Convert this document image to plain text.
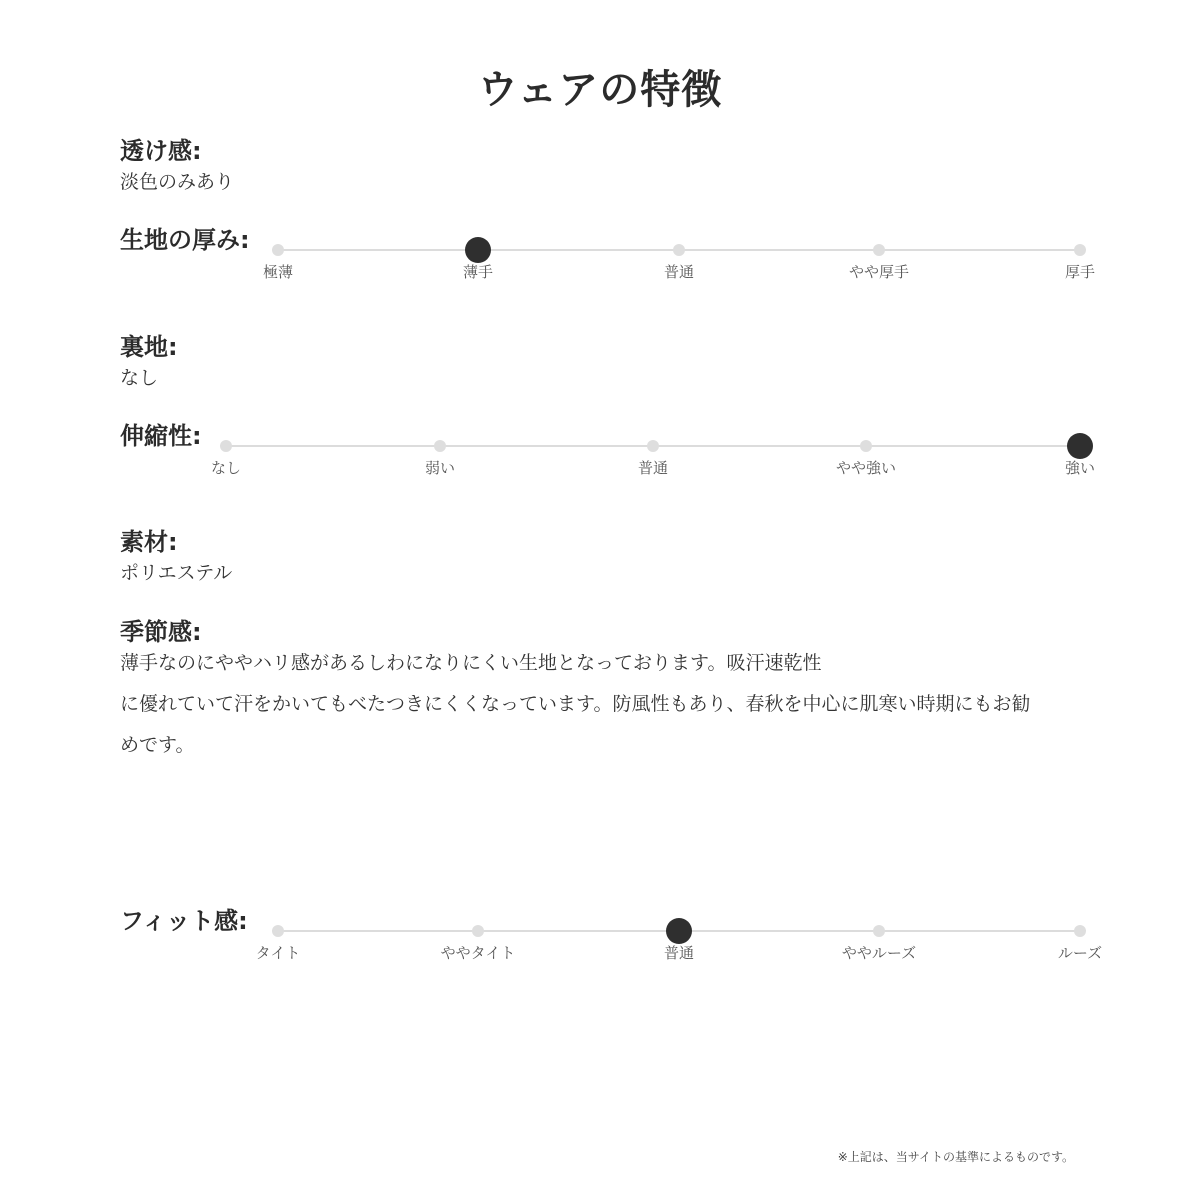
ウェアの特徴
透け感:
淡色のみあり
生地の厚み:
極薄	薄手	普通	やや厚手	厚手
裏地:
なし
伸縮性:
なし	弱い	普通	やや強い	強い
素材:
ポリエステル
季節感:
薄手なのにややハリ感があるしわになりにくい生地となっております。吸汗速乾性
に優れていて汗をかいてもべたつきにくくなっています。防風性もあり、春秋を中心に肌寒い時期にもお勧
めです。
フィット感:
タイト	ややタイト	普通	ややルーズ	ルーズ
※上記は、当サイトの基準によるものです。
